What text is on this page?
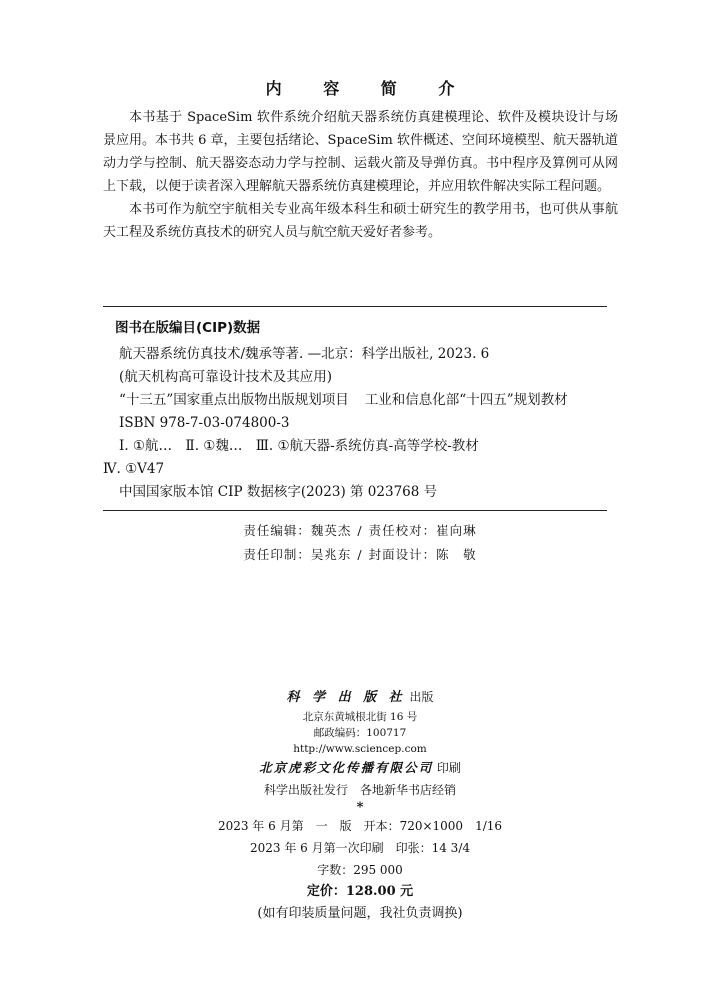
内 容 简 介

本书基于 SpaceSim 软件系统介绍航天器系统仿真建模理论、软件及模块设计与场景应用。本书共 6 章，主要包括绪论、SpaceSim 软件概述、空间环境模型、航天器轨道动力学与控制、航天器姿态动力学与控制、运载火箭及导弹仿真。书中程序及算例可从网上下载，以便于读者深入理解航天器系统仿真建模理论，并应用软件解决实际工程问题。

本书可作为航空宇航相关专业高年级本科生和硕士研究生的教学用书，也可供从事航天工程及系统仿真技术的研究人员与航空航天爱好者参考。

图书在版编目(CIP)数据
航天器系统仿真技术/魏承等著. —北京：科学出版社, 2023. 6
(航天机构高可靠设计技术及其应用)
“十三五”国家重点出版物出版规划项目 工业和信息化部“十四五”规划教材
ISBN 978-7-03-074800-3
Ⅰ. ①航…　Ⅱ. ①魏…　Ⅲ. ①航天器-系统仿真-高等学校-教材
Ⅳ. ①V47
中国国家版本馆 CIP 数据核字(2023) 第 023768 号
责任编辑：魏英杰 / 责任校对：崔向琳
责任印制：吴兆东 / 封面设计：陈　敬
科 学 出 版 社 出版
北京东黄城根北街 16 号
邮政编码：100717
http://www.sciencep.com
北京虎彩文化传播有限公司 印刷
科学出版社发行　各地新华书店经销
*
2023 年 6 月第　一　版　开本：720×1000　1/16
2023 年 6 月第一次印刷　印张：14 3/4
字数：295 000
定价：128.00 元
(如有印装质量问题，我社负责调换)
